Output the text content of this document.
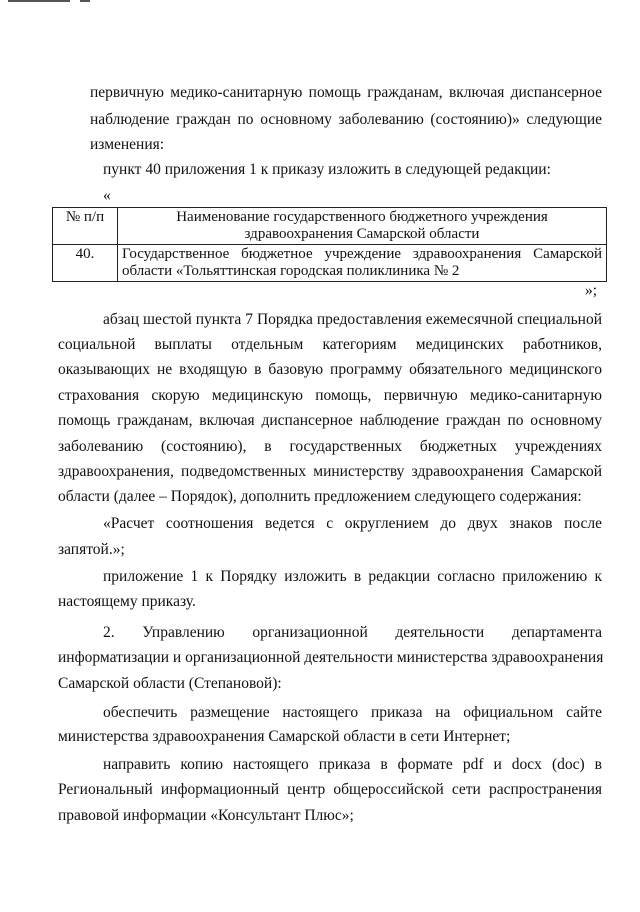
первичную медико-санитарную помощь гражданам, включая диспансерное
наблюдение граждан по основному заболеванию (состоянию)» следующие
изменения:
пункт 40 приложения 1 к приказу изложить в следующей редакции:
«
№ п/п	Наименование государственного бюджетного учреждения
здравоохранения Самарской области

40.	Государственное бюджетное учреждение здравоохранения Самарской
области «Тольяттинская городская поликлиника № 2
»;
абзац шестой пункта 7 Порядка предоставления ежемесячной специальной
социальной выплаты отдельным категориям медицинских работников,
оказывающих не входящую в базовую программу обязательного медицинского
страхования скорую медицинскую помощь, первичную медико-санитарную
помощь гражданам, включая диспансерное наблюдение граждан по основному
заболеванию (состоянию), в государственных бюджетных учреждениях
здравоохранения, подведомственных министерству здравоохранения Самарской
области (далее – Порядок), дополнить предложением следующего содержания:
«Расчет соотношения ведется с округлением до двух знаков после
запятой.»;
приложение 1 к Порядку изложить в редакции согласно приложению к
настоящему приказу.
2. Управлению организационной деятельности департамента
информатизации и организационной деятельности министерства здравоохранения
Самарской области (Степановой):
обеспечить размещение настоящего приказа на официальном сайте
министерства здравоохранения Самарской области в сети Интернет;
направить копию настоящего приказа в формате pdf и docx (doc) в
Региональный информационный центр общероссийской сети распространения
правовой информации «Консультант Плюс»;
